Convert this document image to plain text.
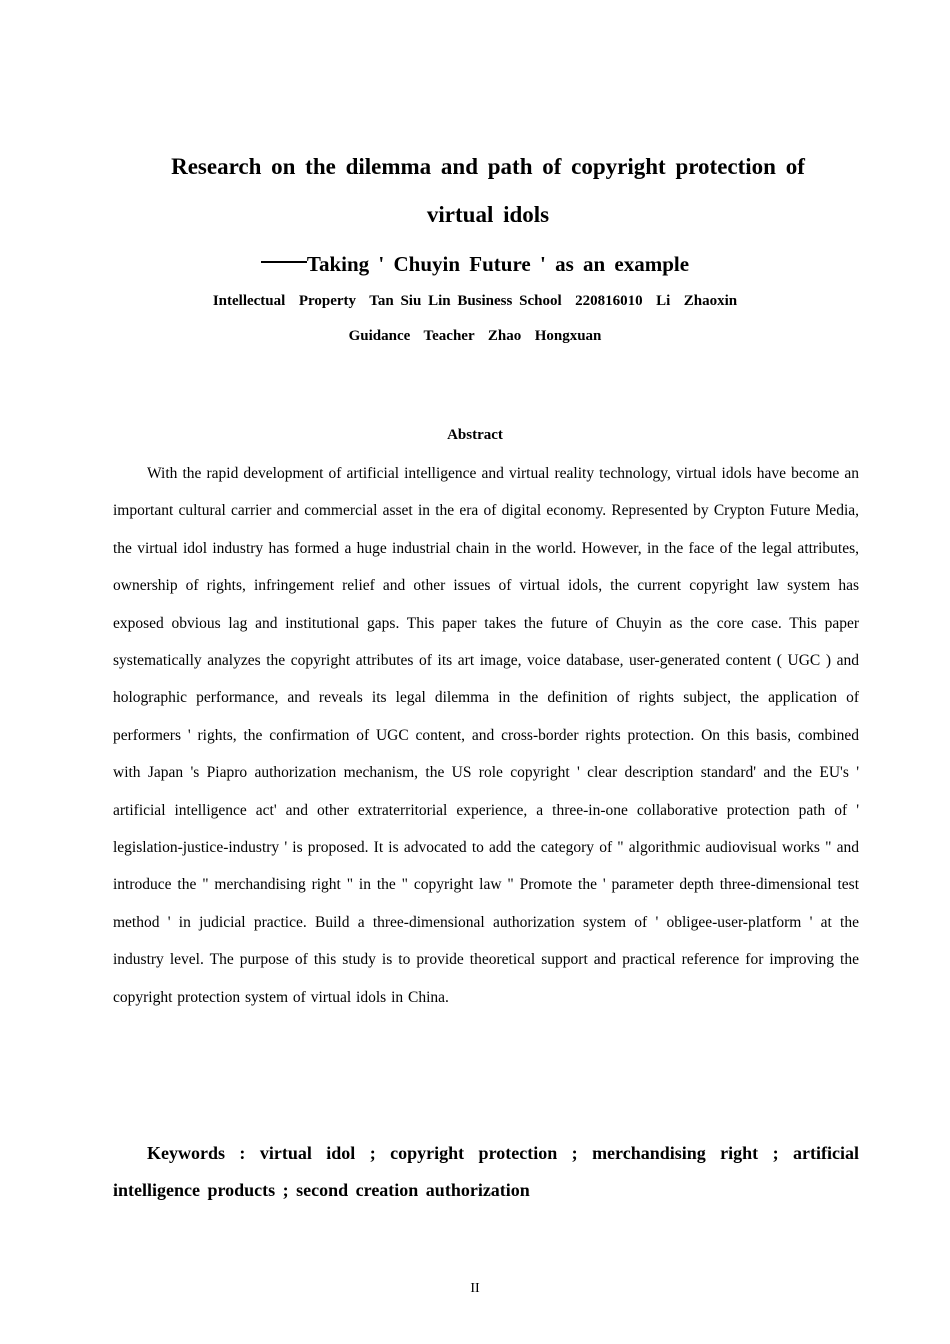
Research on the dilemma and path of copyright protection of virtual idols
Taking ' Chuyin Future ' as an example
Intellectual  Property  Tan Siu Lin Business School  220816010  Li  Zhaoxin
Guidance  Teacher  Zhao  Hongxuan
Abstract

With the rapid development of artificial intelligence and virtual reality technology, virtual idols have become an important cultural carrier and commercial asset in the era of digital economy. Represented by Crypton Future Media, the virtual idol industry has formed a huge industrial chain in the world. However, in the face of the legal attributes, ownership of rights, infringement relief and other issues of virtual idols, the current copyright law system has exposed obvious lag and institutional gaps. This paper takes the future of Chuyin as the core case. This paper systematically analyzes the copyright attributes of its art image, voice database, user-generated content ( UGC ) and holographic performance, and reveals its legal dilemma in the definition of rights subject, the application of performers ' rights, the confirmation of UGC content, and cross-border rights protection. On this basis, combined with Japan 's Piapro authorization mechanism, the US role copyright ' clear description standard' and the EU's ' artificial intelligence act' and other extraterritorial experience, a three-in-one collaborative protection path of ' legislation-justice-industry ' is proposed. It is advocated to add the category of " algorithmic audiovisual works " and introduce the " merchandising right " in the " copyright law " Promote the ' parameter depth three-dimensional test method ' in judicial practice. Build a three-dimensional authorization system of ' obligee-user-platform ' at the industry level. The purpose of this study is to provide theoretical support and practical reference for improving the copyright protection system of virtual idols in China.

Keywords : virtual idol ; copyright protection ; merchandising right ; artificial intelligence products ; second creation authorization

II
